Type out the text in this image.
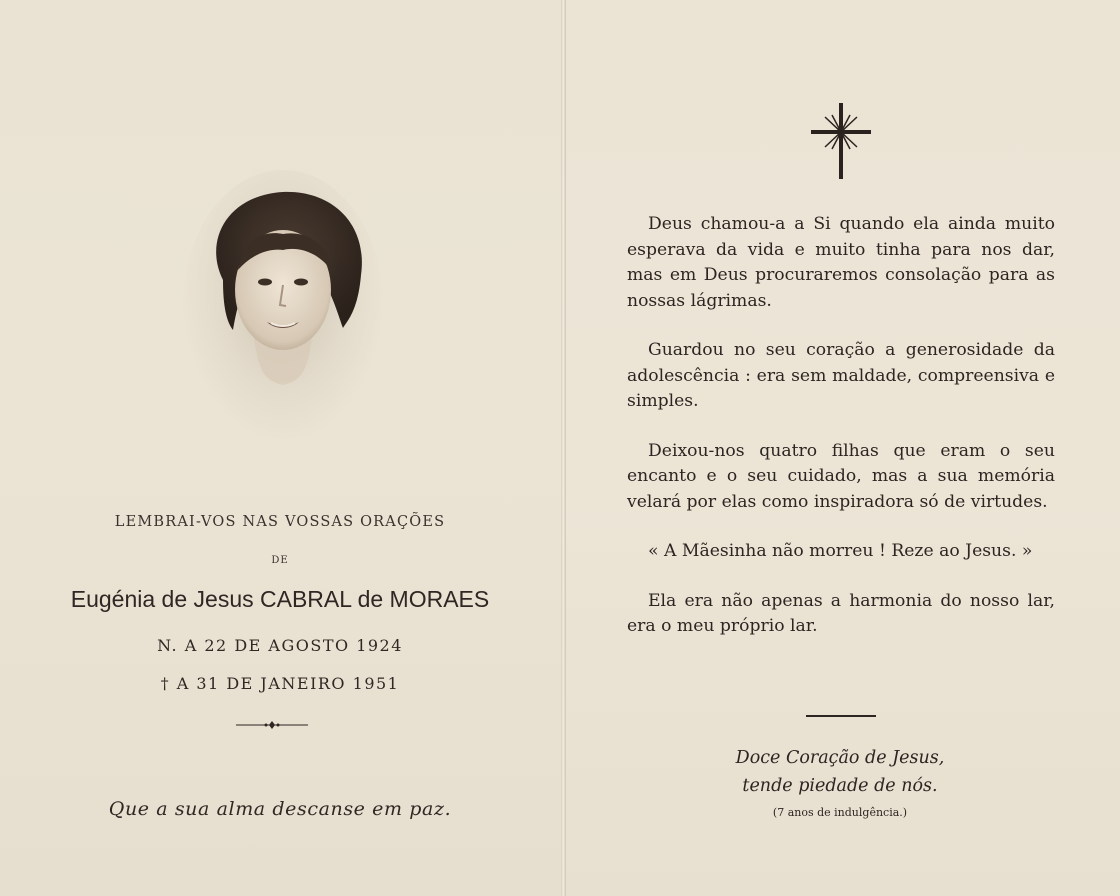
LEMBRAI-VOS NAS VOSSAS ORAÇÕES
DE
Eugénia de Jesus CABRAL de MORAES
N. A 22 DE AGOSTO 1924
† A 31 DE JANEIRO 1951
Que a sua alma descanse em paz.

Deus chamou-a a Si quando ela ainda muito esperava da vida e muito tinha para nos dar, mas em Deus procuraremos consolação para as nossas lágrimas.

Guardou no seu coração a generosidade da adolescência : era sem maldade, compreensiva e simples.

Deixou-nos quatro filhas que eram o seu encanto e o seu cuidado, mas a sua memória velará por elas como inspiradora só de virtudes.

« A Mãesinha não morreu ! Reze ao Jesus. »

Ela era não apenas a harmonia do nosso lar, era o meu próprio lar.

Doce Coração de Jesus,
tende piedade de nós.
(7 anos de indulgência.)
